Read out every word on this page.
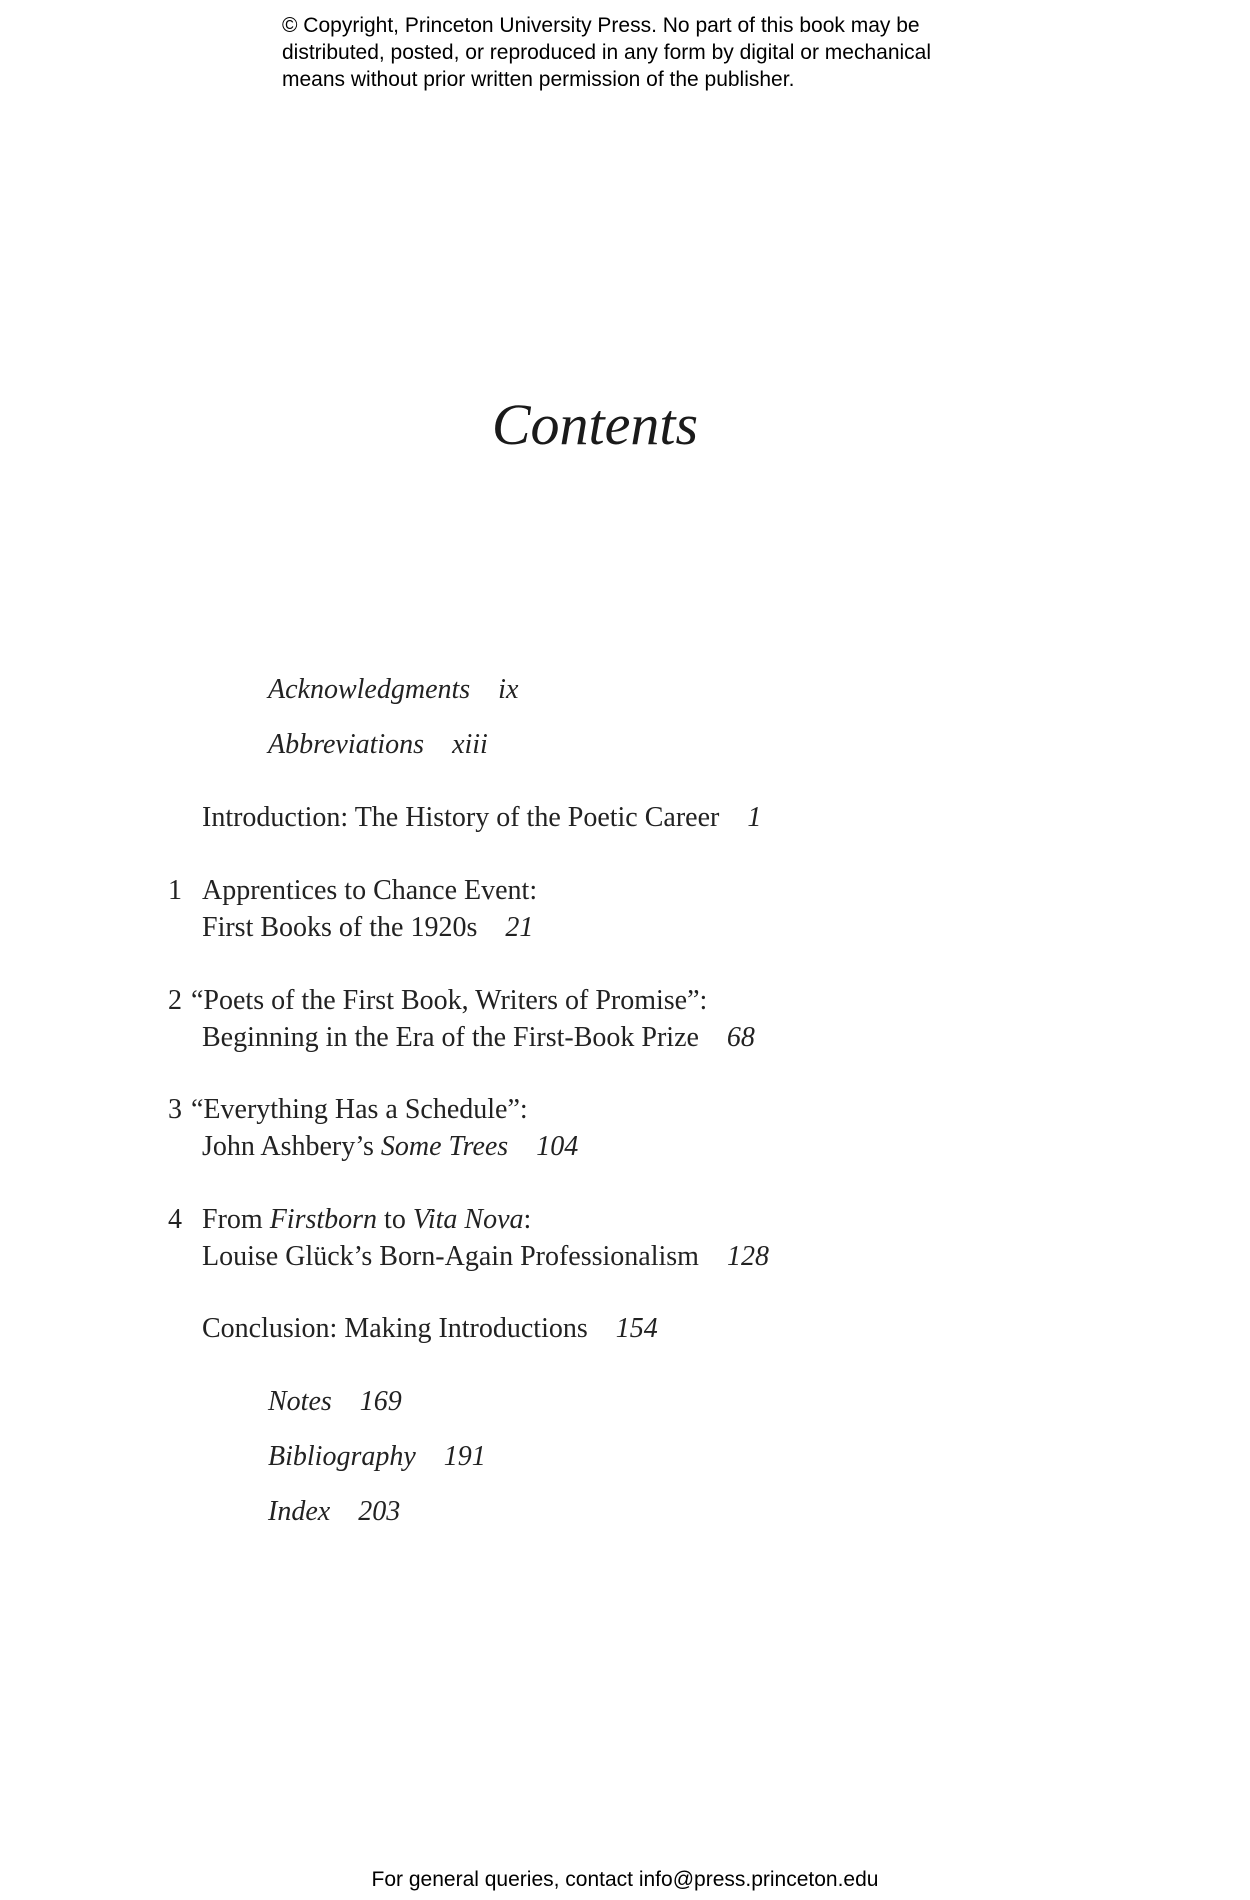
© Copyright, Princeton University Press. No part of this book may be
distributed, posted, or reproduced in any form by digital or mechanical
means without prior written permission of the publisher.
Contents
Acknowledgments ix
Abbreviations xiii
Introduction: The History of the Poetic Career 1
1 Apprentices to Chance Event:
First Books of the 1920s 21
2 “Poets of the First Book, Writers of Promise”:
Beginning in the Era of the First-Book Prize 68
3 “Everything Has a Schedule”:
John Ashbery’s Some Trees 104
4 From Firstborn to Vita Nova:
Louise Glück’s Born-Again Professionalism 128
Conclusion: Making Introductions 154
Notes 169
Bibliography 191
Index 203
For general queries, contact info@press.princeton.edu
